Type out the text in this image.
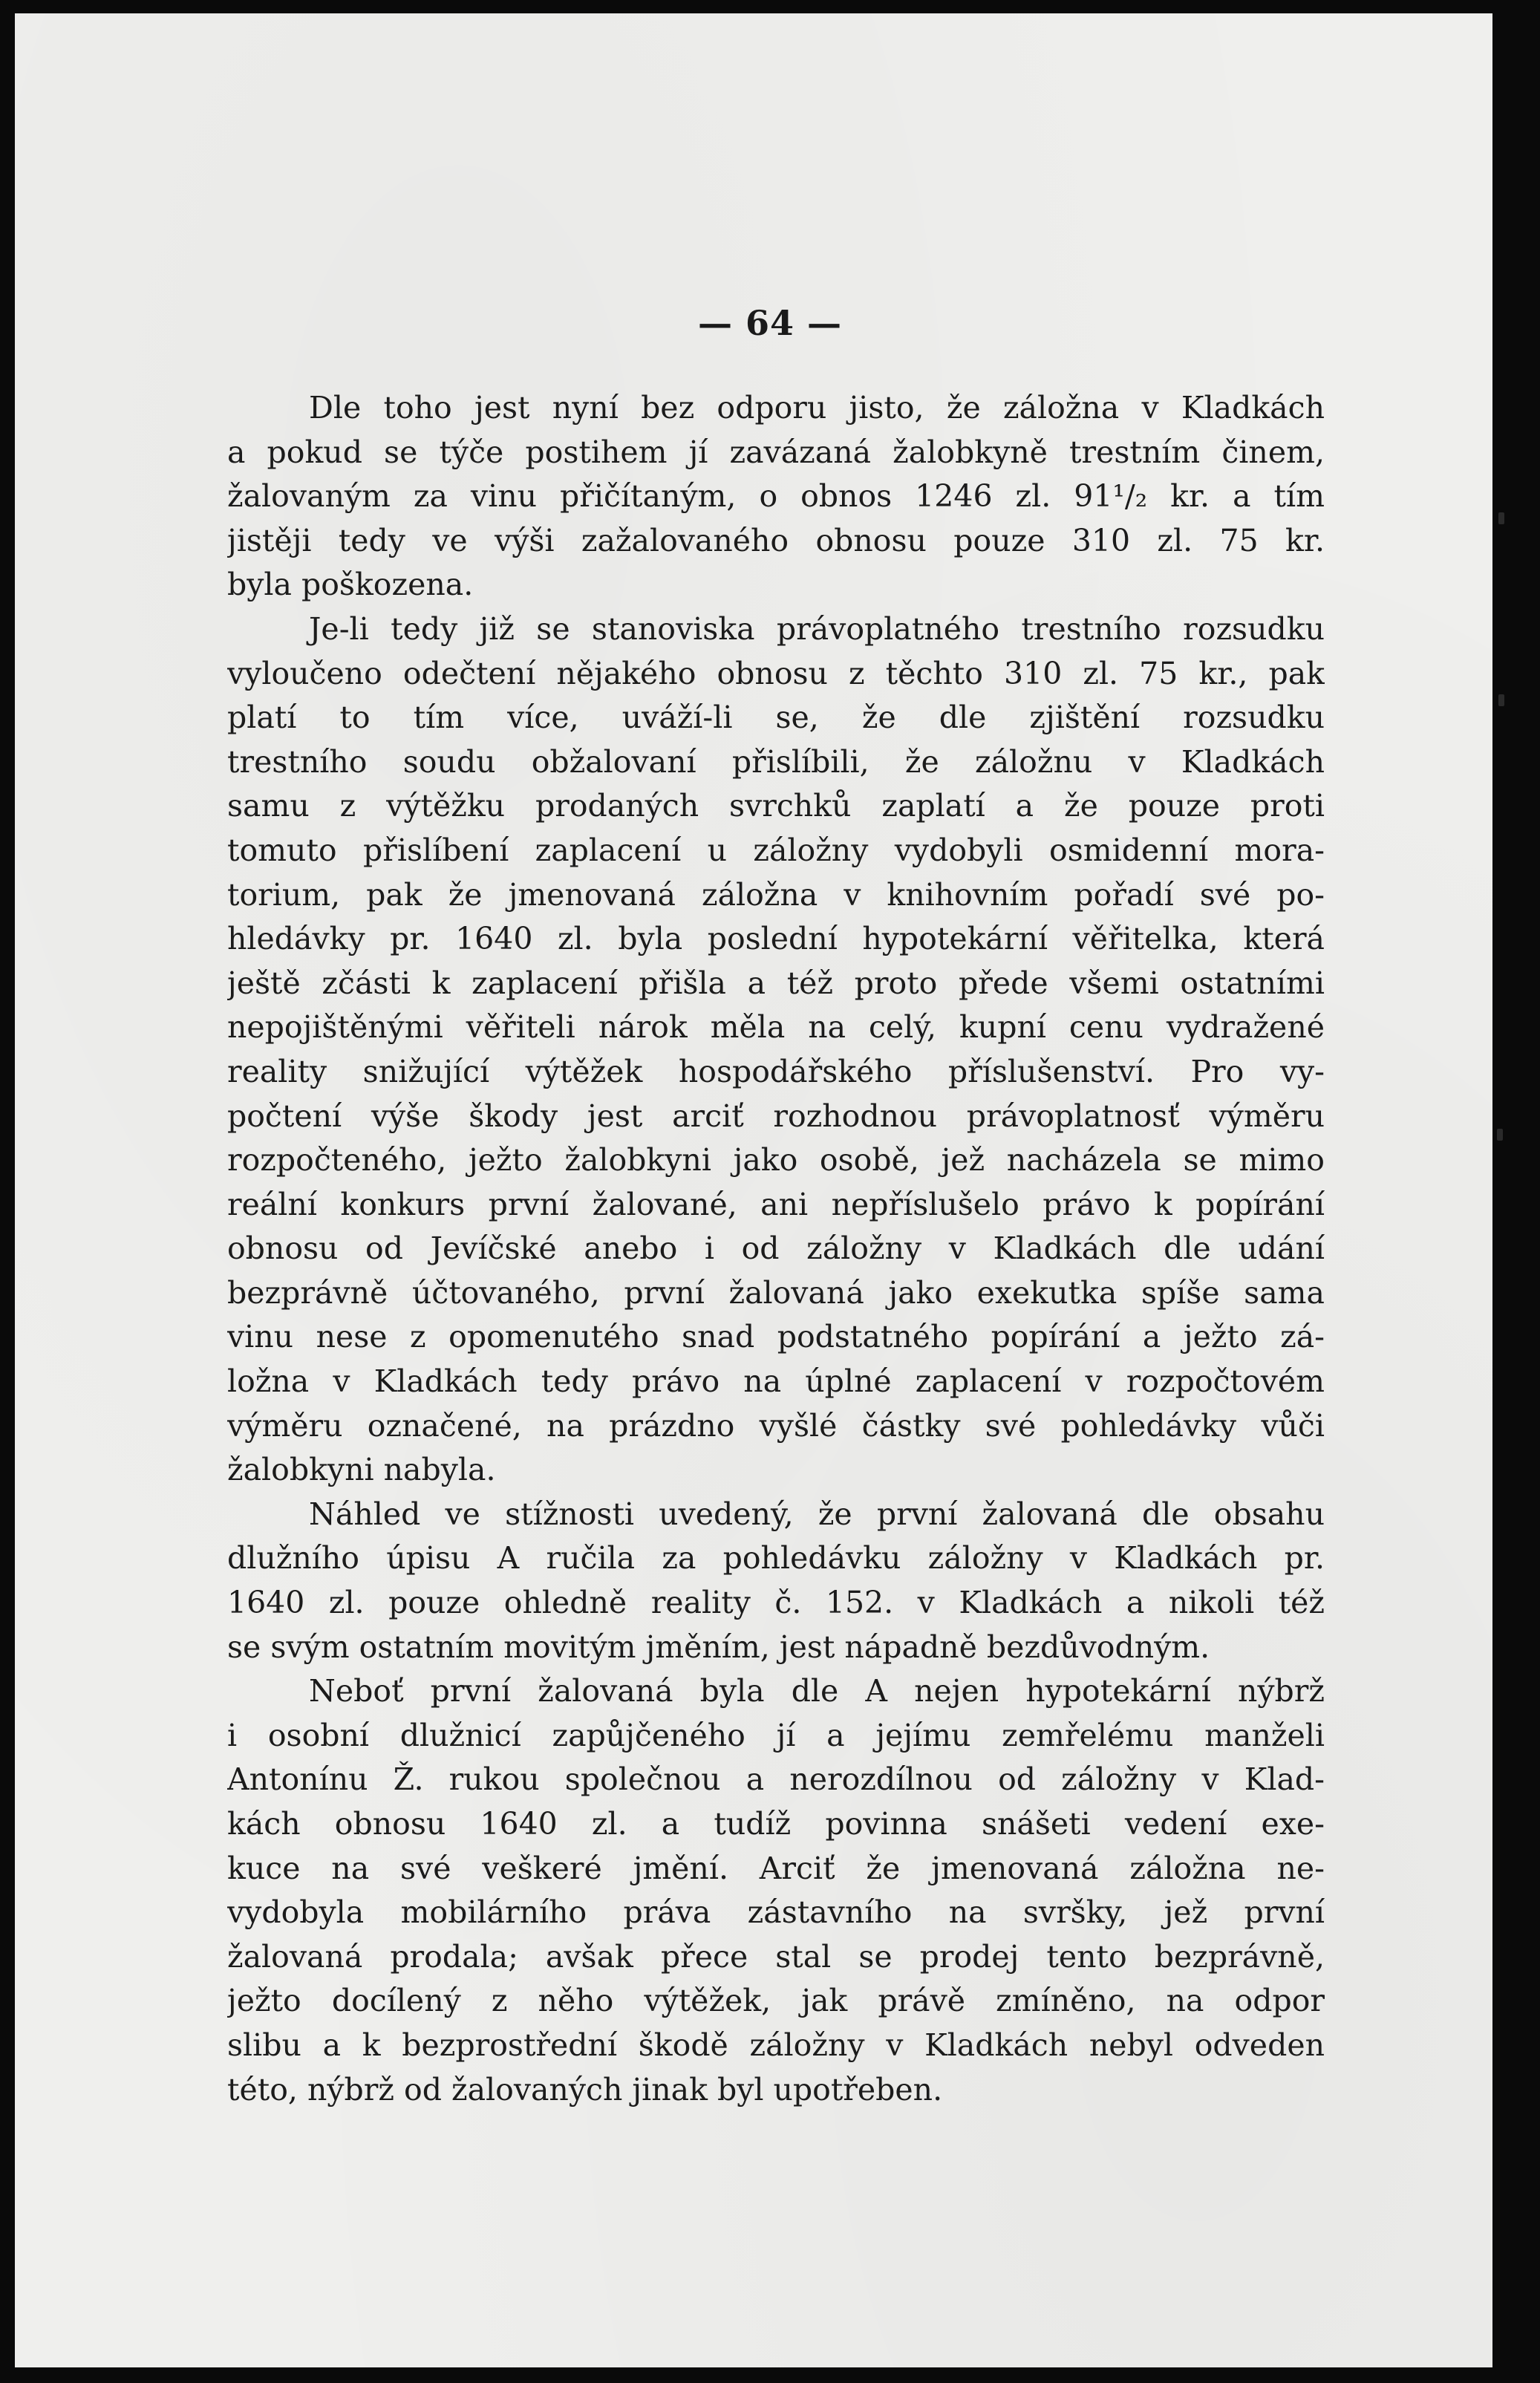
— 64 —
Dle toho jest nyní bez odporu jisto, že záložna v Kladkách
a pokud se týče postihem jí zavázaná žalobkyně trestním činem,
žalovaným za vinu přičítaným, o obnos 1246 zl. 91¹/₂ kr. a tím
jistěji tedy ve výši zažalovaného obnosu pouze 310 zl. 75 kr.
byla poškozena.
Je-li tedy již se stanoviska právoplatného trestního rozsudku
vyloučeno odečtení nějakého obnosu z těchto 310 zl. 75 kr., pak
platí to tím více, uváží-li se, že dle zjištění rozsudku
trestního soudu obžalovaní přislíbili, že záložnu v Kladkách
samu z výtěžku prodaných svrchků zaplatí a že pouze proti
tomuto přislíbení zaplacení u záložny vydobyli osmidenní mora-
torium, pak že jmenovaná záložna v knihovním pořadí své po-
hledávky pr. 1640 zl. byla poslední hypotekární věřitelka, která
ještě zčásti k zaplacení přišla a též proto přede všemi ostatními
nepojištěnými věřiteli nárok měla na celý, kupní cenu vydražené
reality snižující výtěžek hospodářského příslušenství. Pro vy-
počtení výše škody jest arciť rozhodnou právoplatnosť výměru
rozpočteného, ježto žalobkyni jako osobě, jež nacházela se mimo
reální konkurs první žalované, ani nepříslušelo právo k popírání
obnosu od Jevíčské anebo i od záložny v Kladkách dle udání
bezprávně účtovaného, první žalovaná jako exekutka spíše sama
vinu nese z opomenutého snad podstatného popírání a ježto zá-
ložna v Kladkách tedy právo na úplné zaplacení v rozpočtovém
výměru označené, na prázdno vyšlé částky své pohledávky vůči
žalobkyni nabyla.
Náhled ve stížnosti uvedený, že první žalovaná dle obsahu
dlužního úpisu A ručila za pohledávku záložny v Kladkách pr.
1640 zl. pouze ohledně reality č. 152. v Kladkách a nikoli též
se svým ostatním movitým jměním, jest nápadně bezdůvodným.
Neboť první žalovaná byla dle A nejen hypotekární nýbrž
i osobní dlužnicí zapůjčeného jí a jejímu zemřelému manželi
Antonínu Ž. rukou společnou a nerozdílnou od záložny v Klad-
kách obnosu 1640 zl. a tudíž povinna snášeti vedení exe-
kuce na své veškeré jmění. Arciť že jmenovaná záložna ne-
vydobyla mobilárního práva zástavního na svršky, jež první
žalovaná prodala; avšak přece stal se prodej tento bezprávně,
ježto docílený z něho výtěžek, jak právě zmíněno, na odpor
slibu a k bezprostřední škodě záložny v Kladkách nebyl odveden
této, nýbrž od žalovaných jinak byl upotřeben.
